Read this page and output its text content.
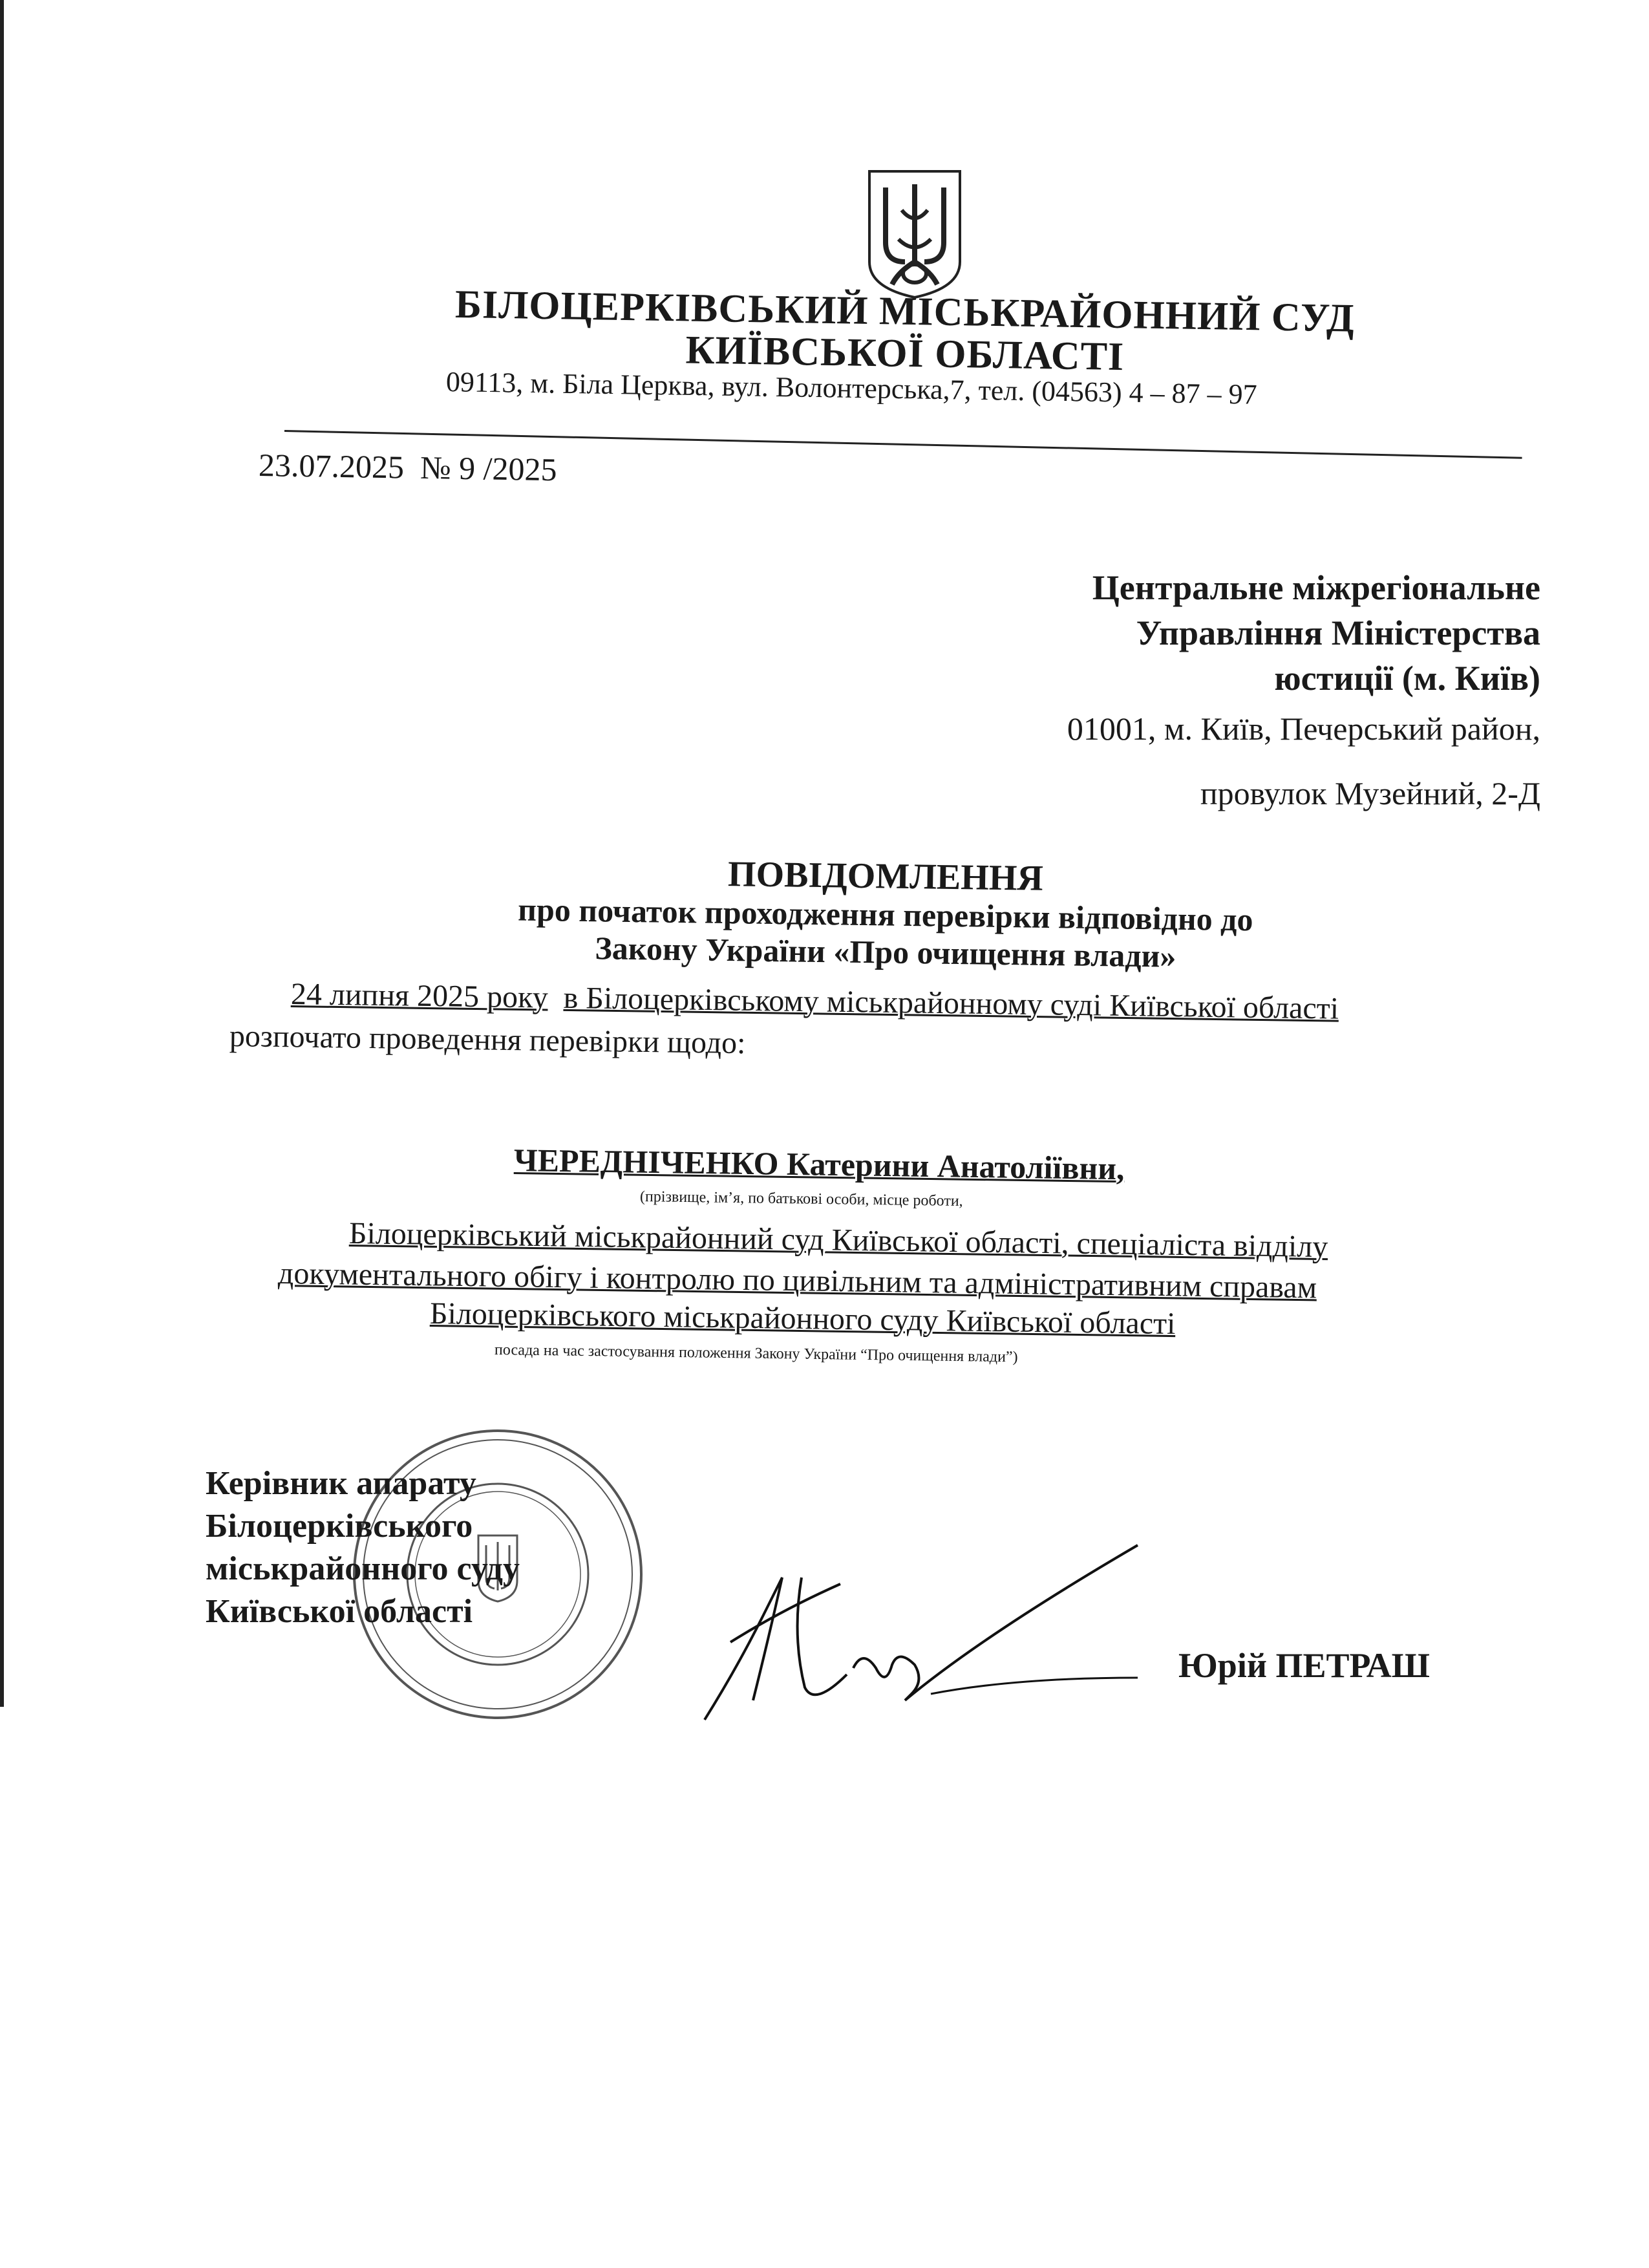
БІЛОЦЕРКІВСЬКИЙ МІСЬКРАЙОННИЙ СУД
КИЇВСЬКОЇ ОБЛАСТІ
09113, м. Біла Церква, вул. Волонтерська,7, тел. (04563) 4 – 87 – 97
23.07.2025 № 9 /2025
Центральне міжрегіональне
Управління Міністерства
юстиції (м. Київ)
01001, м. Київ, Печерський район,
провулок Музейний, 2-Д
ПОВІДОМЛЕННЯ
про початок проходження перевірки відповідно до
Закону України «Про очищення влади»
24 липня 2025 року в Білоцерківському міськрайонному суді Київської області
розпочато проведення перевірки щодо:
ЧЕРЕДНІЧЕНКО Катерини Анатоліївни,
(прізвище, ім’я, по батькові особи, місце роботи,
Білоцерківський міськрайонний суд Київської області, спеціаліста відділу
документального обігу і контролю по цивільним та адміністративним справам
Білоцерківського міськрайонного суду Київської області
посада на час застосування положення Закону України “Про очищення влади”)
Керівник апарату
Білоцерківського
міськрайонного суду
Київської області
Юрій ПЕТРАШ
